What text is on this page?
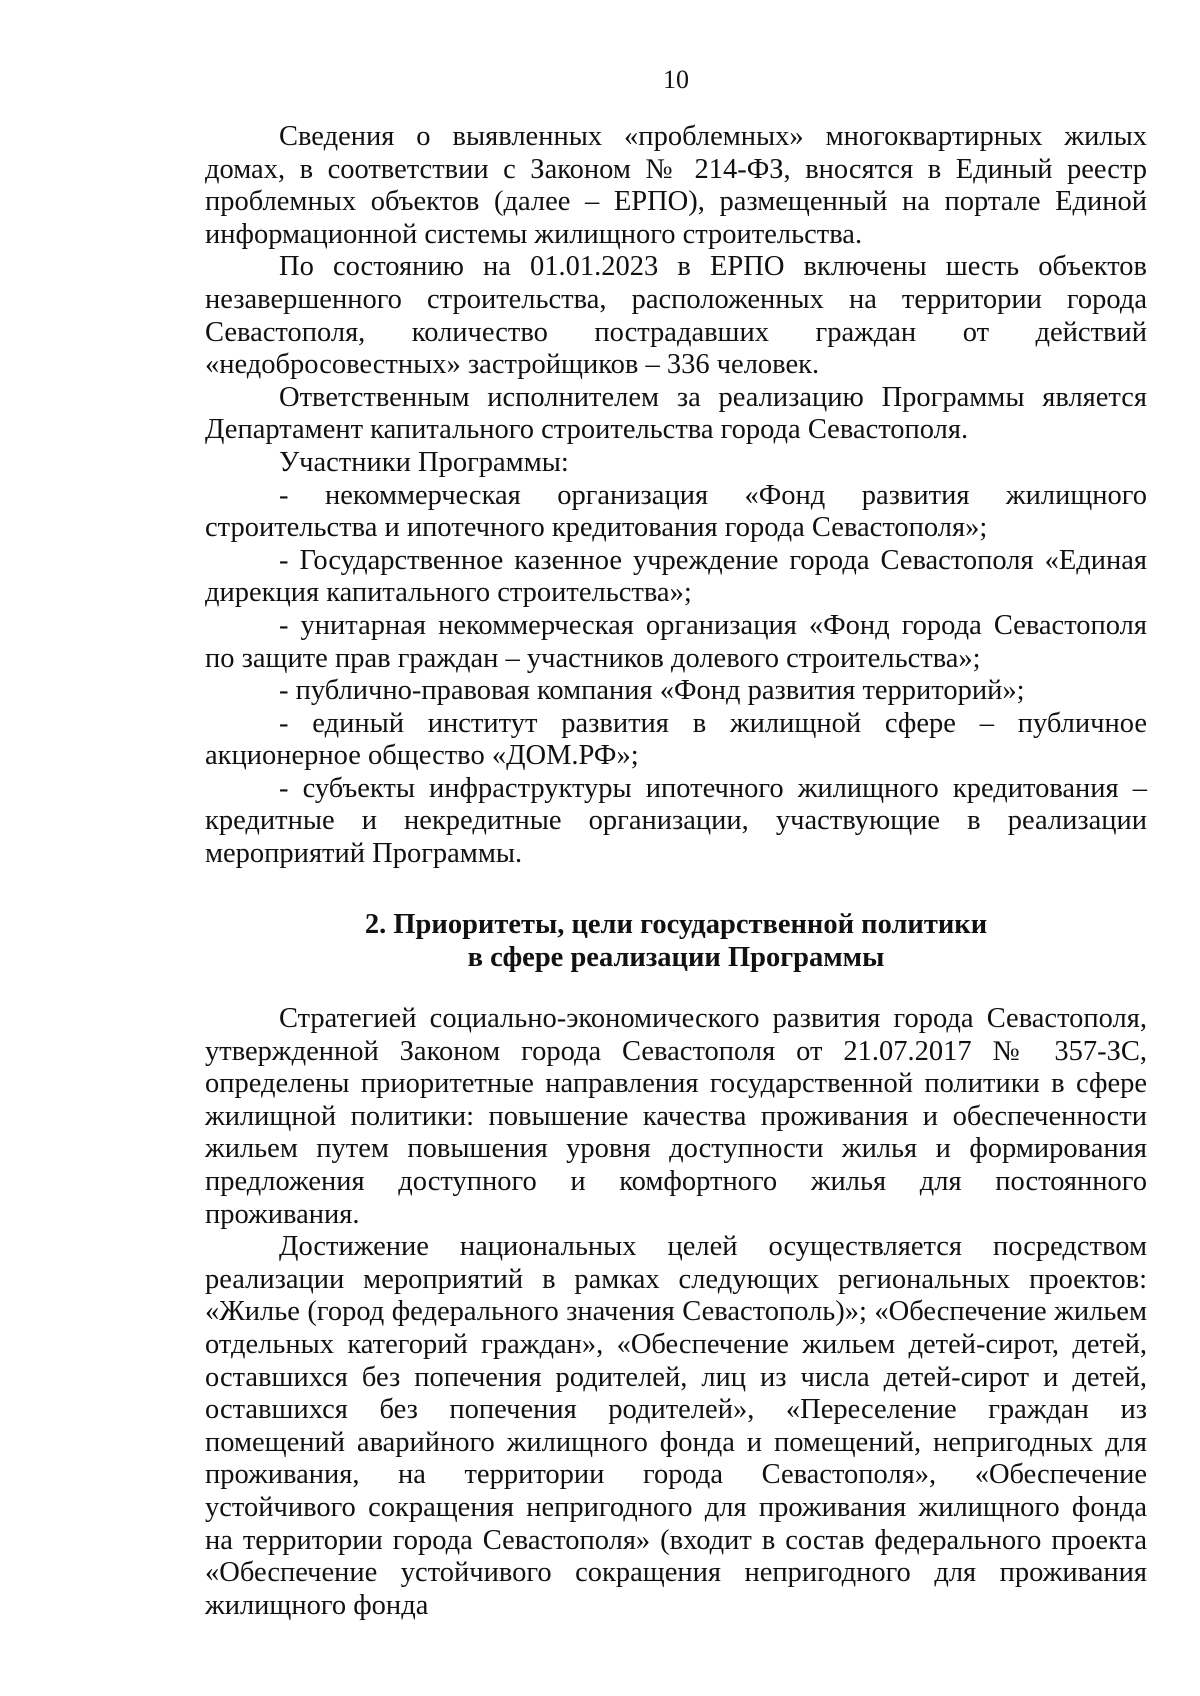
10

Сведения о выявленных «проблемных» многоквартирных жилых домах, в соответствии с Законом № 214-ФЗ, вносятся в Единый реестр проблемных объектов (далее – ЕРПО), размещенный на портале Единой информационной системы жилищного строительства.

По состоянию на 01.01.2023 в ЕРПО включены шесть объектов незавершенного строительства, расположенных на территории города Севастополя, количество пострадавших граждан от действий «недобросовестных» застройщиков – 336 человек.

Ответственным исполнителем за реализацию Программы является Департамент капитального строительства города Севастополя.

Участники Программы:

- некоммерческая организация «Фонд развития жилищного строительства и ипотечного кредитования города Севастополя»;

- Государственное казенное учреждение города Севастополя «Единая дирекция капитального строительства»;

- унитарная некоммерческая организация «Фонд города Севастополя по защите прав граждан – участников долевого строительства»;

- публично-правовая компания «Фонд развития территорий»;

- единый институт развития в жилищной сфере – публичное акционерное общество «ДОМ.РФ»;

- субъекты инфраструктуры ипотечного жилищного кредитования – кредитные и некредитные организации, участвующие в реализации мероприятий Программы.

2. Приоритеты, цели государственной политики
в сфере реализации Программы

Стратегией социально-экономического развития города Севастополя, утвержденной Законом города Севастополя от 21.07.2017 № 357-ЗС, определены приоритетные направления государственной политики в сфере жилищной политики: повышение качества проживания и обеспеченности жильем путем повышения уровня доступности жилья и формирования предложения доступного и комфортного жилья для постоянного проживания.

Достижение национальных целей осуществляется посредством реализации мероприятий в рамках следующих региональных проектов: «Жилье (город федерального значения Севастополь)»; «Обеспечение жильем отдельных категорий граждан», «Обеспечение жильем детей-сирот, детей, оставшихся без попечения родителей, лиц из числа детей-сирот и детей, оставшихся без попечения родителей», «Переселение граждан из помещений аварийного жилищного фонда и помещений, непригодных для проживания, на территории города Севастополя», «Обеспечение устойчивого сокращения непригодного для проживания жилищного фонда на территории города Севастополя» (входит в состав федерального проекта «Обеспечение устойчивого сокращения непригодного для проживания жилищного фонда
